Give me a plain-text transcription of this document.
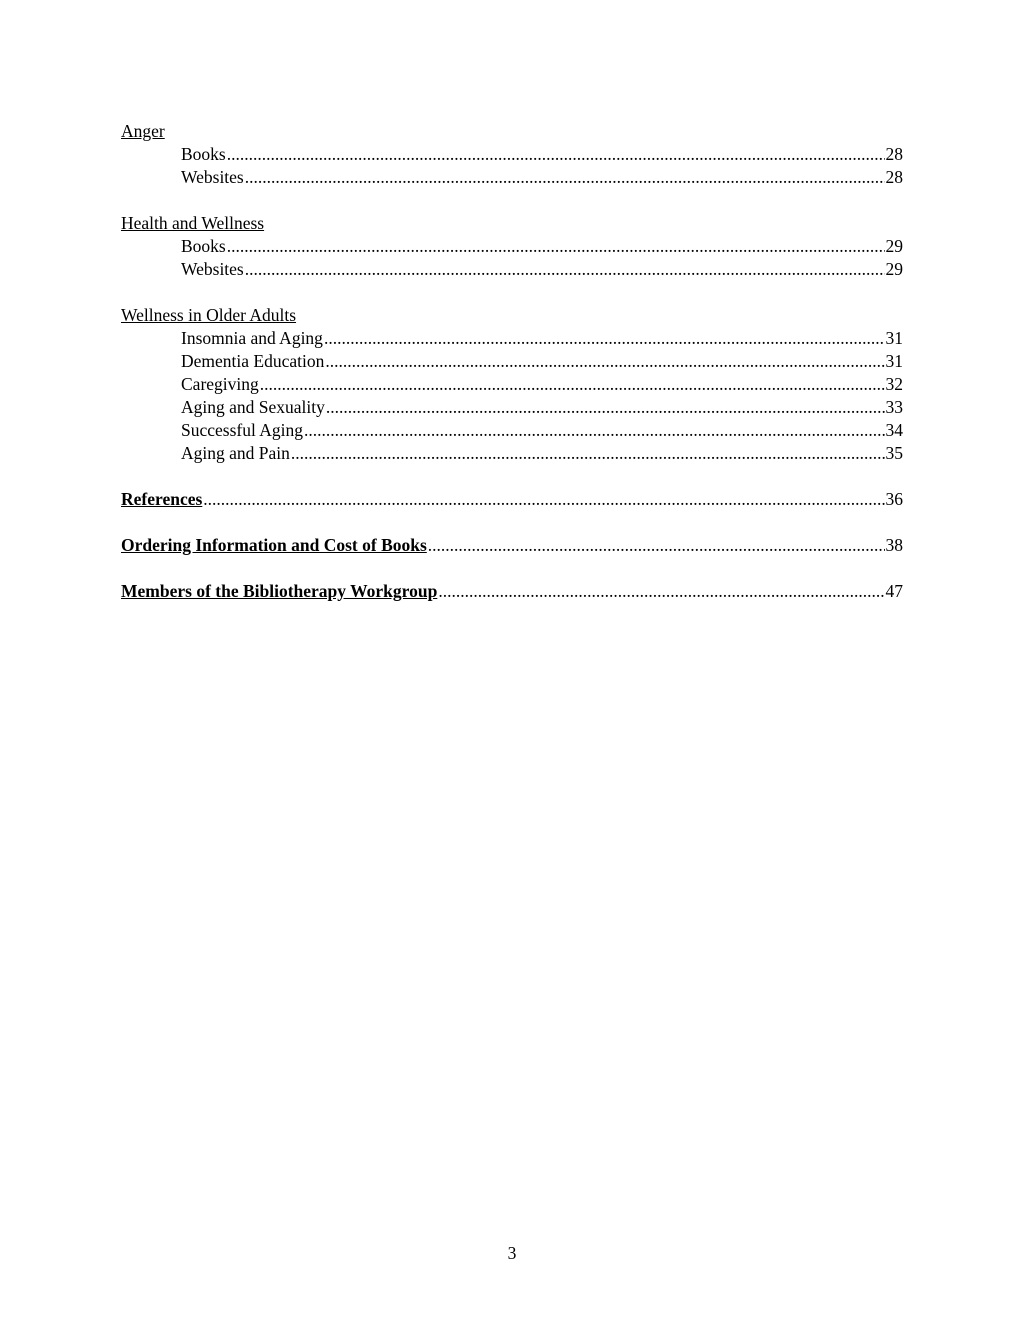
Anger
Books .....	28
Websites .....	28
Health and Wellness
Books .....	29
Websites .....	29
Wellness in Older Adults
Insomnia and Aging .....	31
Dementia Education .....	31
Caregiving .....	32
Aging and Sexuality .....	33
Successful Aging .....	34
Aging and Pain .....	35
References .....	36
Ordering Information and Cost of Books .....	38
Members of the Bibliotherapy Workgroup .....	47
3
